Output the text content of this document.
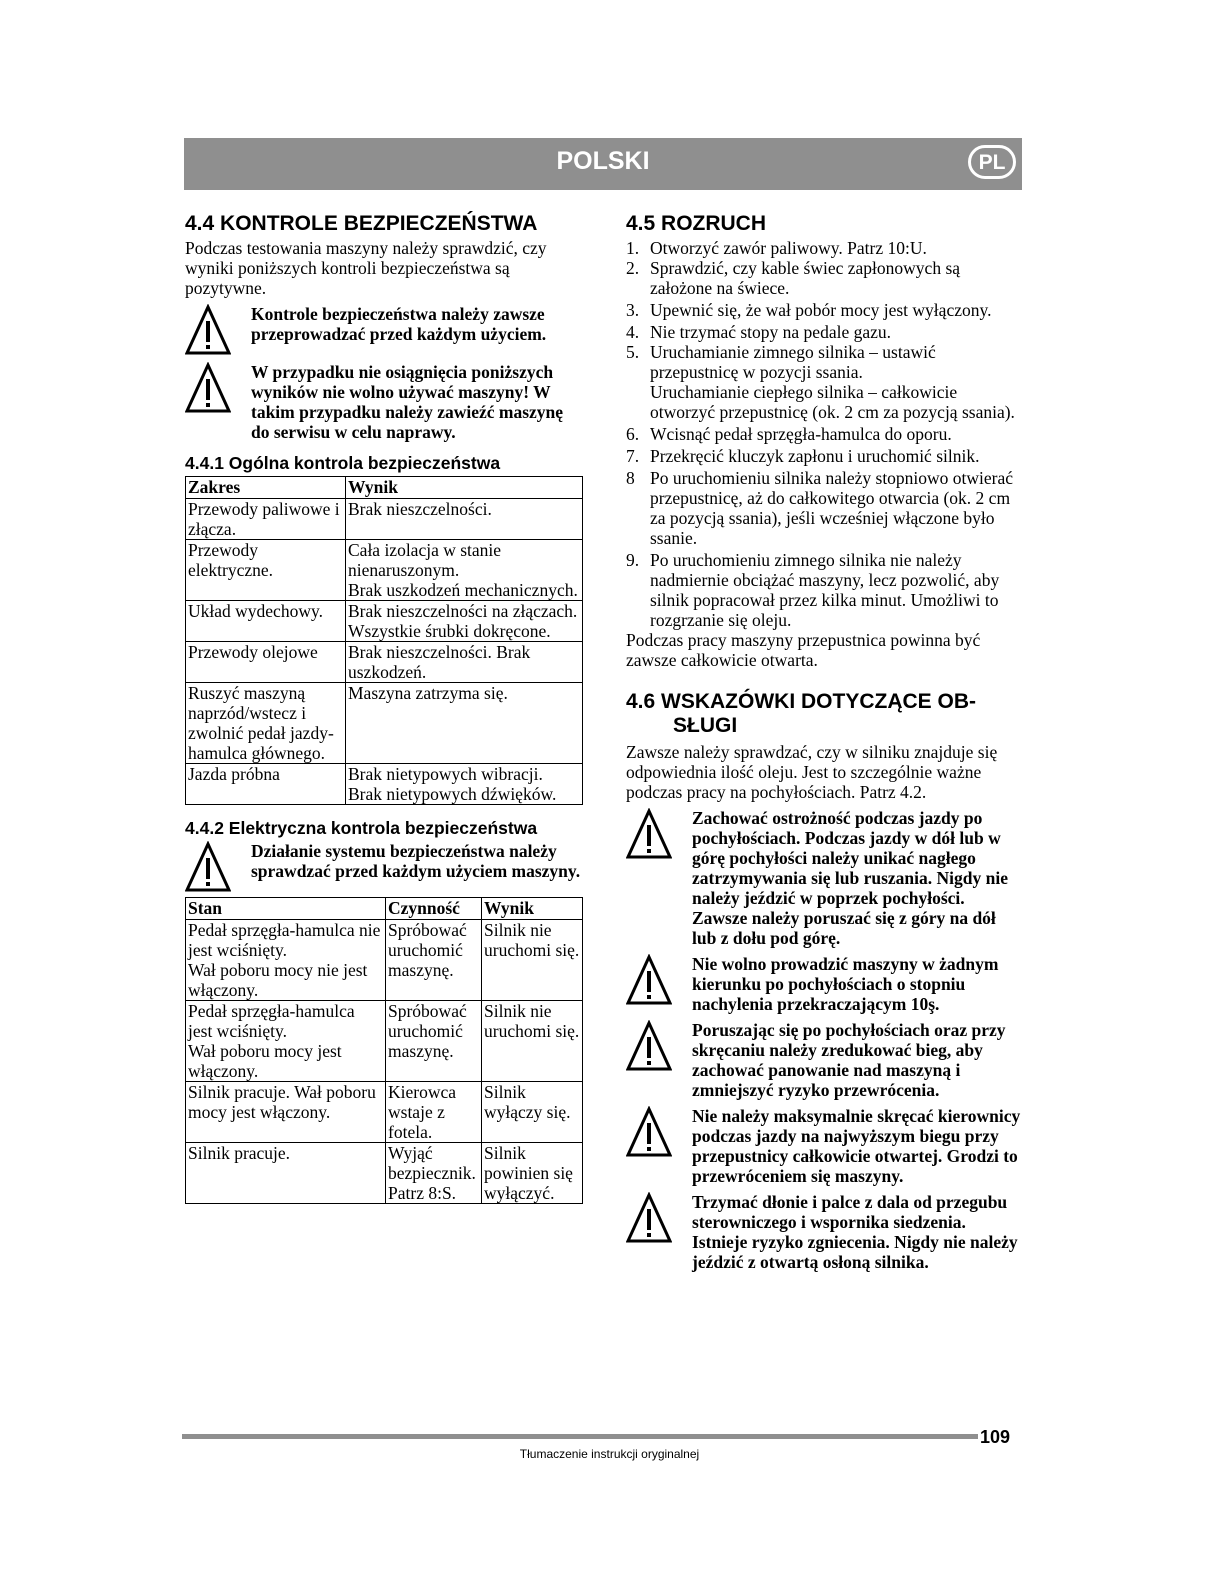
POLSKI	PL
4.4 KONTROLE BEZPIECZEŃSTWA

Podczas testowania maszyny należy sprawdzić, czy wyniki poniższych kontroli bezpieczeństwa są pozytywne.

Kontrole bezpieczeństwa należy zawsze przeprowadzać przed każdym użyciem.
W przypadku nie osiągnięcia poniższych wyników nie wolno używać maszyny! W takim przypadku należy zawieźć maszynę do serwisu w celu naprawy.
4.4.1 Ogólna kontrola bezpieczeństwa
Zakres	Wynik
Przewody paliwowe i złącza.	Brak nieszczelności.
Przewody elektryczne.	Cała izolacja w stanie nienaruszonym.
Brak uszkodzeń mechanicznych.

Układ wydechowy.	Brak nieszczelności na złączach.
Wszystkie śrubki dokręcone.

Przewody olejowe	Brak nieszczelności. Brak uszkodzeń.
Ruszyć maszyną naprzód/wstecz i zwolnić pedał jazdy-hamulca głównego.	Maszyna zatrzyma się.
Jazda próbna	Brak nietypowych wibracji.
Brak nietypowych dźwięków.
4.4.2 Elektryczna kontrola bezpieczeństwa
Działanie systemu bezpieczeństwa należy sprawdzać przed każdym użyciem maszyny.
Stan	Czynność	Wynik

Pedał sprzęgła-hamulca nie jest wciśnięty.
Wał poboru mocy nie jest włączony.	Spróbować uruchomić maszynę.	Silnik nie uruchomi się.

Pedał sprzęgła-hamulca jest wciśnięty.
Wał poboru mocy jest włączony.	Spróbować uruchomić maszynę.	Silnik nie uruchomi się.
Silnik pracuje. Wał poboru mocy jest włączony.	Kierowca wstaje z fotela.	Silnik wyłączy się.
Silnik pracuje.	Wyjąć bezpiecznik. Patrz 8:S.	Silnik powinien się wyłączyć.
4.5 ROZRUCH
1. Otworzyć zawór paliwowy. Patrz 10:U.
2. Sprawdzić, czy kable świec zapłonowych są założone na świece.
3. Upewnić się, że wał pobór mocy jest wyłączony.
4. Nie trzymać stopy na pedale gazu.
5. Uruchamianie zimnego silnika – ustawić przepustnicę w pozycji ssania.
Uruchamianie ciepłego silnika – całkowicie otworzyć przepustnicę (ok. 2 cm za pozycją ssania).
6. Wcisnąć pedał sprzęgła-hamulca do oporu.
7. Przekręcić kluczyk zapłonu i uruchomić silnik.
8 Po uruchomieniu silnika należy stopniowo otwierać przepustnicę, aż do całkowitego otwarcia (ok. 2 cm za pozycją ssania), jeśli wcześniej włączone było ssanie.
9. Po uruchomieniu zimnego silnika nie należy nadmiernie obciążać maszyny, lecz pozwolić, aby silnik popracował przez kilka minut. Umożliwi to rozgrzanie się oleju.

Podczas pracy maszyny przepustnica powinna być zawsze całkowicie otwarta.

4.6 WSKAZÓWKI DOTYCZĄCE OB-
SŁUGI

Zawsze należy sprawdzać, czy w silniku znajduje się odpowiednia ilość oleju. Jest to szczególnie ważne podczas pracy na pochyłościach. Patrz 4.2.

Zachować ostrożność podczas jazdy po pochyłościach. Podczas jazdy w dół lub w górę pochyłości należy unikać nagłego zatrzymywania się lub ruszania. Nigdy nie należy jeździć w poprzek pochyłości. Zawsze należy poruszać się z góry na dół lub z dołu pod górę.
Nie wolno prowadzić maszyny w żadnym kierunku po pochyłościach o stopniu nachylenia przekraczającym 10ş.
Poruszając się po pochyłościach oraz przy skręcaniu należy zredukować bieg, aby zachować panowanie nad maszyną i zmniejszyć ryzyko przewrócenia.
Nie należy maksymalnie skręcać kierownicy podczas jazdy na najwyższym biegu przy przepustnicy całkowicie otwartej. Grodzi to przewróceniem się maszyny.
Trzymać dłonie i palce z dala od przegubu sterowniczego i wspornika siedzenia. Istnieje ryzyko zgniecenia. Nigdy nie należy jeździć z otwartą osłoną silnika.
109
Tłumaczenie instrukcji oryginalnej
